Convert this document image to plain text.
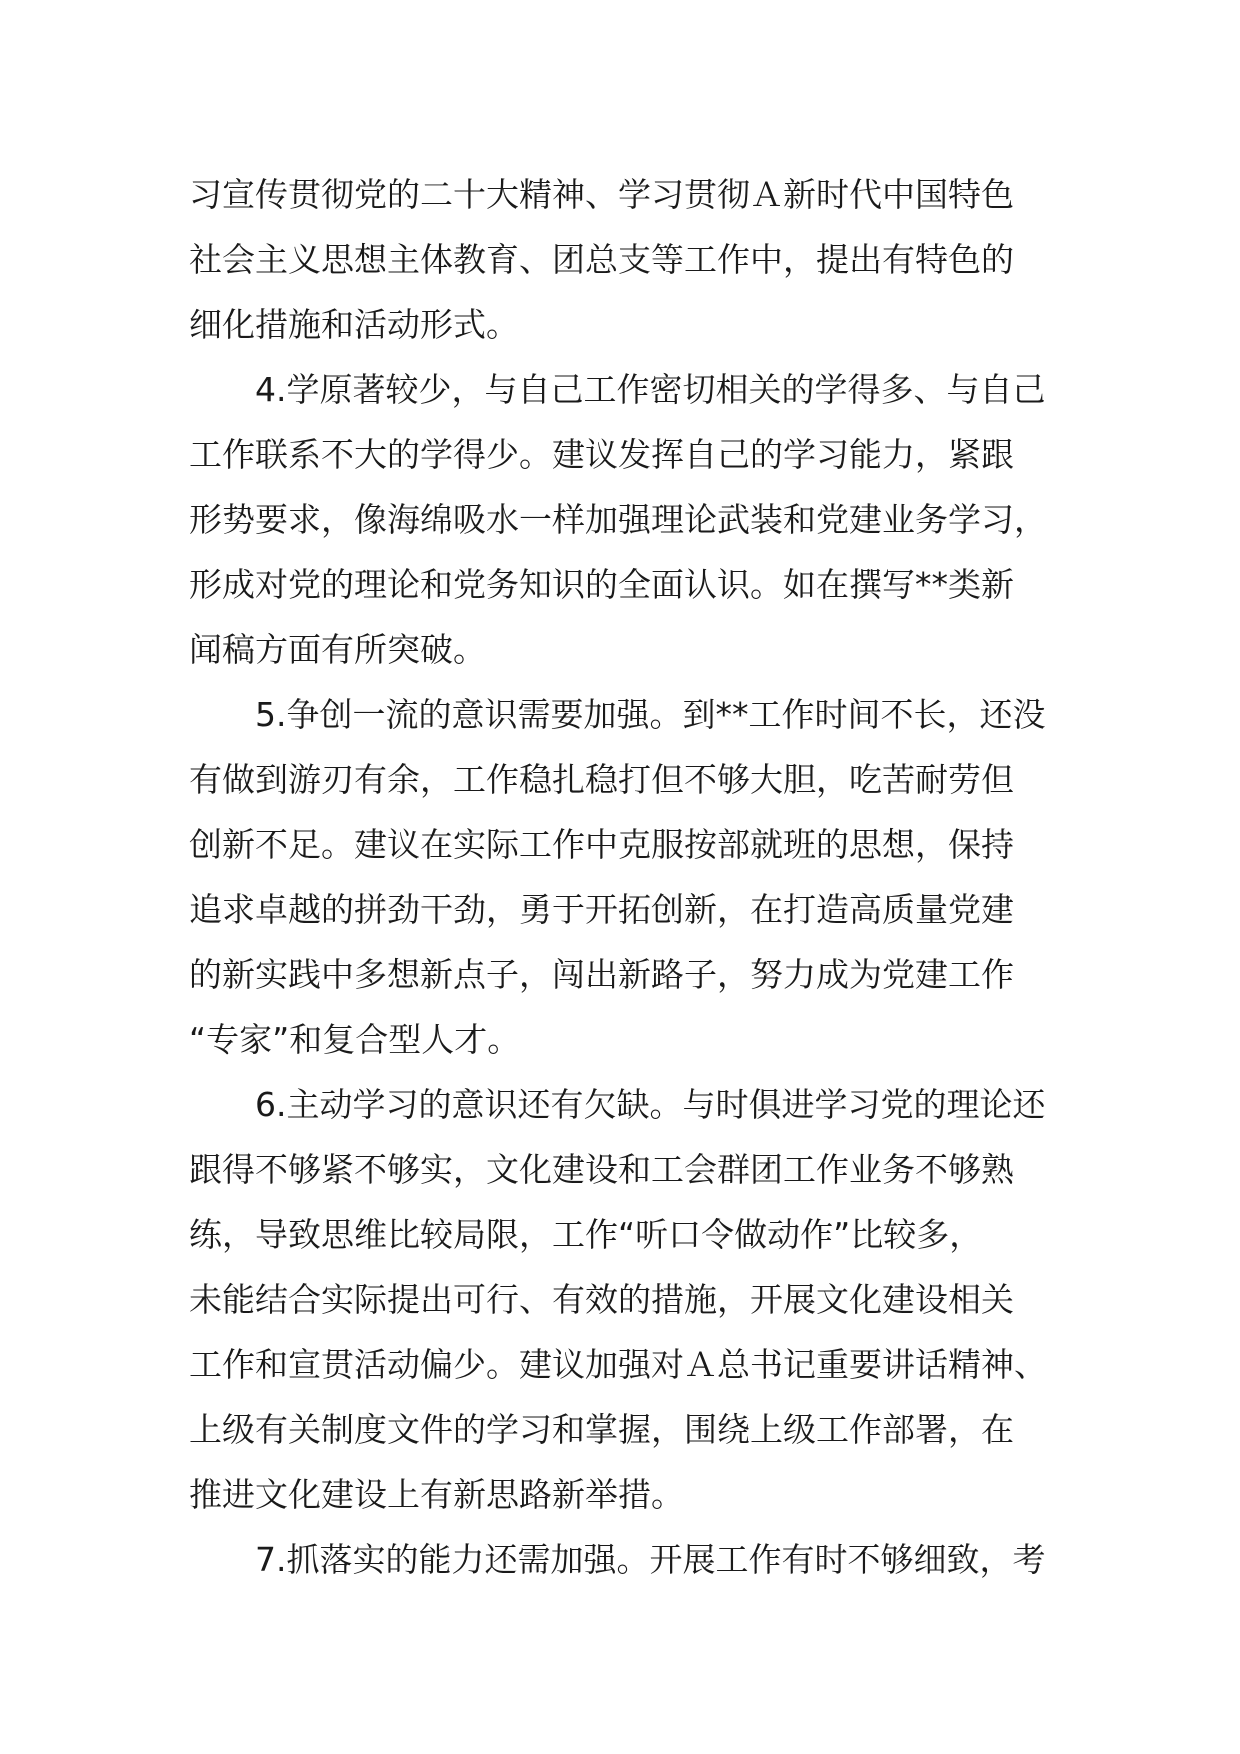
习宣传贯彻党的二十大精神、学习贯彻Ａ新时代中国特色
社会主义思想主体教育、团总支等工作中，提出有特色的
细化措施和活动形式。
4.学原著较少，与自己工作密切相关的学得多、与自己
工作联系不大的学得少。建议发挥自己的学习能力，紧跟
形势要求，像海绵吸水一样加强理论武装和党建业务学习，
形成对党的理论和党务知识的全面认识。如在撰写**类新
闻稿方面有所突破。
5.争创一流的意识需要加强。到**工作时间不长，还没
有做到游刃有余，工作稳扎稳打但不够大胆，吃苦耐劳但
创新不足。建议在实际工作中克服按部就班的思想，保持
追求卓越的拼劲干劲，勇于开拓创新，在打造高质量党建
的新实践中多想新点子，闯出新路子，努力成为党建工作
“专家”和复合型人才。
6.主动学习的意识还有欠缺。与时俱进学习党的理论还
跟得不够紧不够实，文化建设和工会群团工作业务不够熟
练，导致思维比较局限，工作“听口令做动作”比较多，
未能结合实际提出可行、有效的措施，开展文化建设相关
工作和宣贯活动偏少。建议加强对Ａ总书记重要讲话精神、
上级有关制度文件的学习和掌握，围绕上级工作部署，在
推进文化建设上有新思路新举措。
7.抓落实的能力还需加强。开展工作有时不够细致，考
